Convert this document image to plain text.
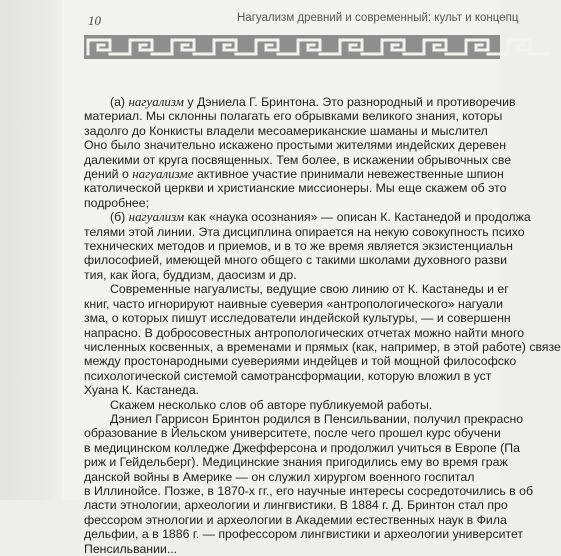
10	Нагуализм древний и современный: культ и концепц
(а) нагуализм у Дэниела Г. Бринтона. Это разнородный и противоречив
материал. Мы склонны полагать его обрывками великого знания, которы
задолго до Конкисты владели месоамериканские шаманы и мыслител
Оно было значительно искажено простыми жителями индейских деревен
далекими от круга посвященных. Тем более, в искажении обрывочных све
дений о нагуализме активное участие принимали невежественные шпион
католической церкви и христианские миссионеры. Мы еще скажем об это
подробнее;
(б) нагуализм как «наука осознания» — описан К. Кастанедой и продолжа
телями этой линии. Эта дисциплина опирается на некую совокупность психо
технических методов и приемов, и в то же время является экзистенциальн
философией, имеющей много общего с такими школами духовного разви
тия, как йога, буддизм, даосизм и др.
Современные нагуалисты, ведущие свою линию от К. Кастанеды и ег
книг, часто игнорируют наивные суеверия «антропологического» нагуали
зма, о которых пишут исследователи индейской культуры, — и совершенн
напрасно. В добросовестных антропологических отчетах можно найти много
численных косвенных, а временами и прямых (как, например, в этой работе) связе
между простонародными суевериями индейцев и той мощной философско
психологической системой самотрансформации, которую вложил в уст
Хуана К. Кастанеда.
Скажем несколько слов об авторе публикуемой работы.
Дэниел Гаррисон Бринтон родился в Пенсильвании, получил прекрасно
образование в Йельском университете, после чего прошел курс обучени
в медицинском колледже Джефферсона и продолжил учиться в Европе (Па
риж и Гейдельберг). Медицинские знания пригодились ему во время граж
данской войны в Америке — он служил хирургом военного госпитал
в Иллинойсе. Позже, в 1870-х гг., его научные интересы сосредоточились в об
ласти этнологии, археологии и лингвистики. В 1884 г. Д. Бринтон стал про
фессором этнологии и археологии в Академии естественных наук в Фила
дельфии, а в 1886 г. — профессором лингвистики и археологии университет
Пенсильвании...
